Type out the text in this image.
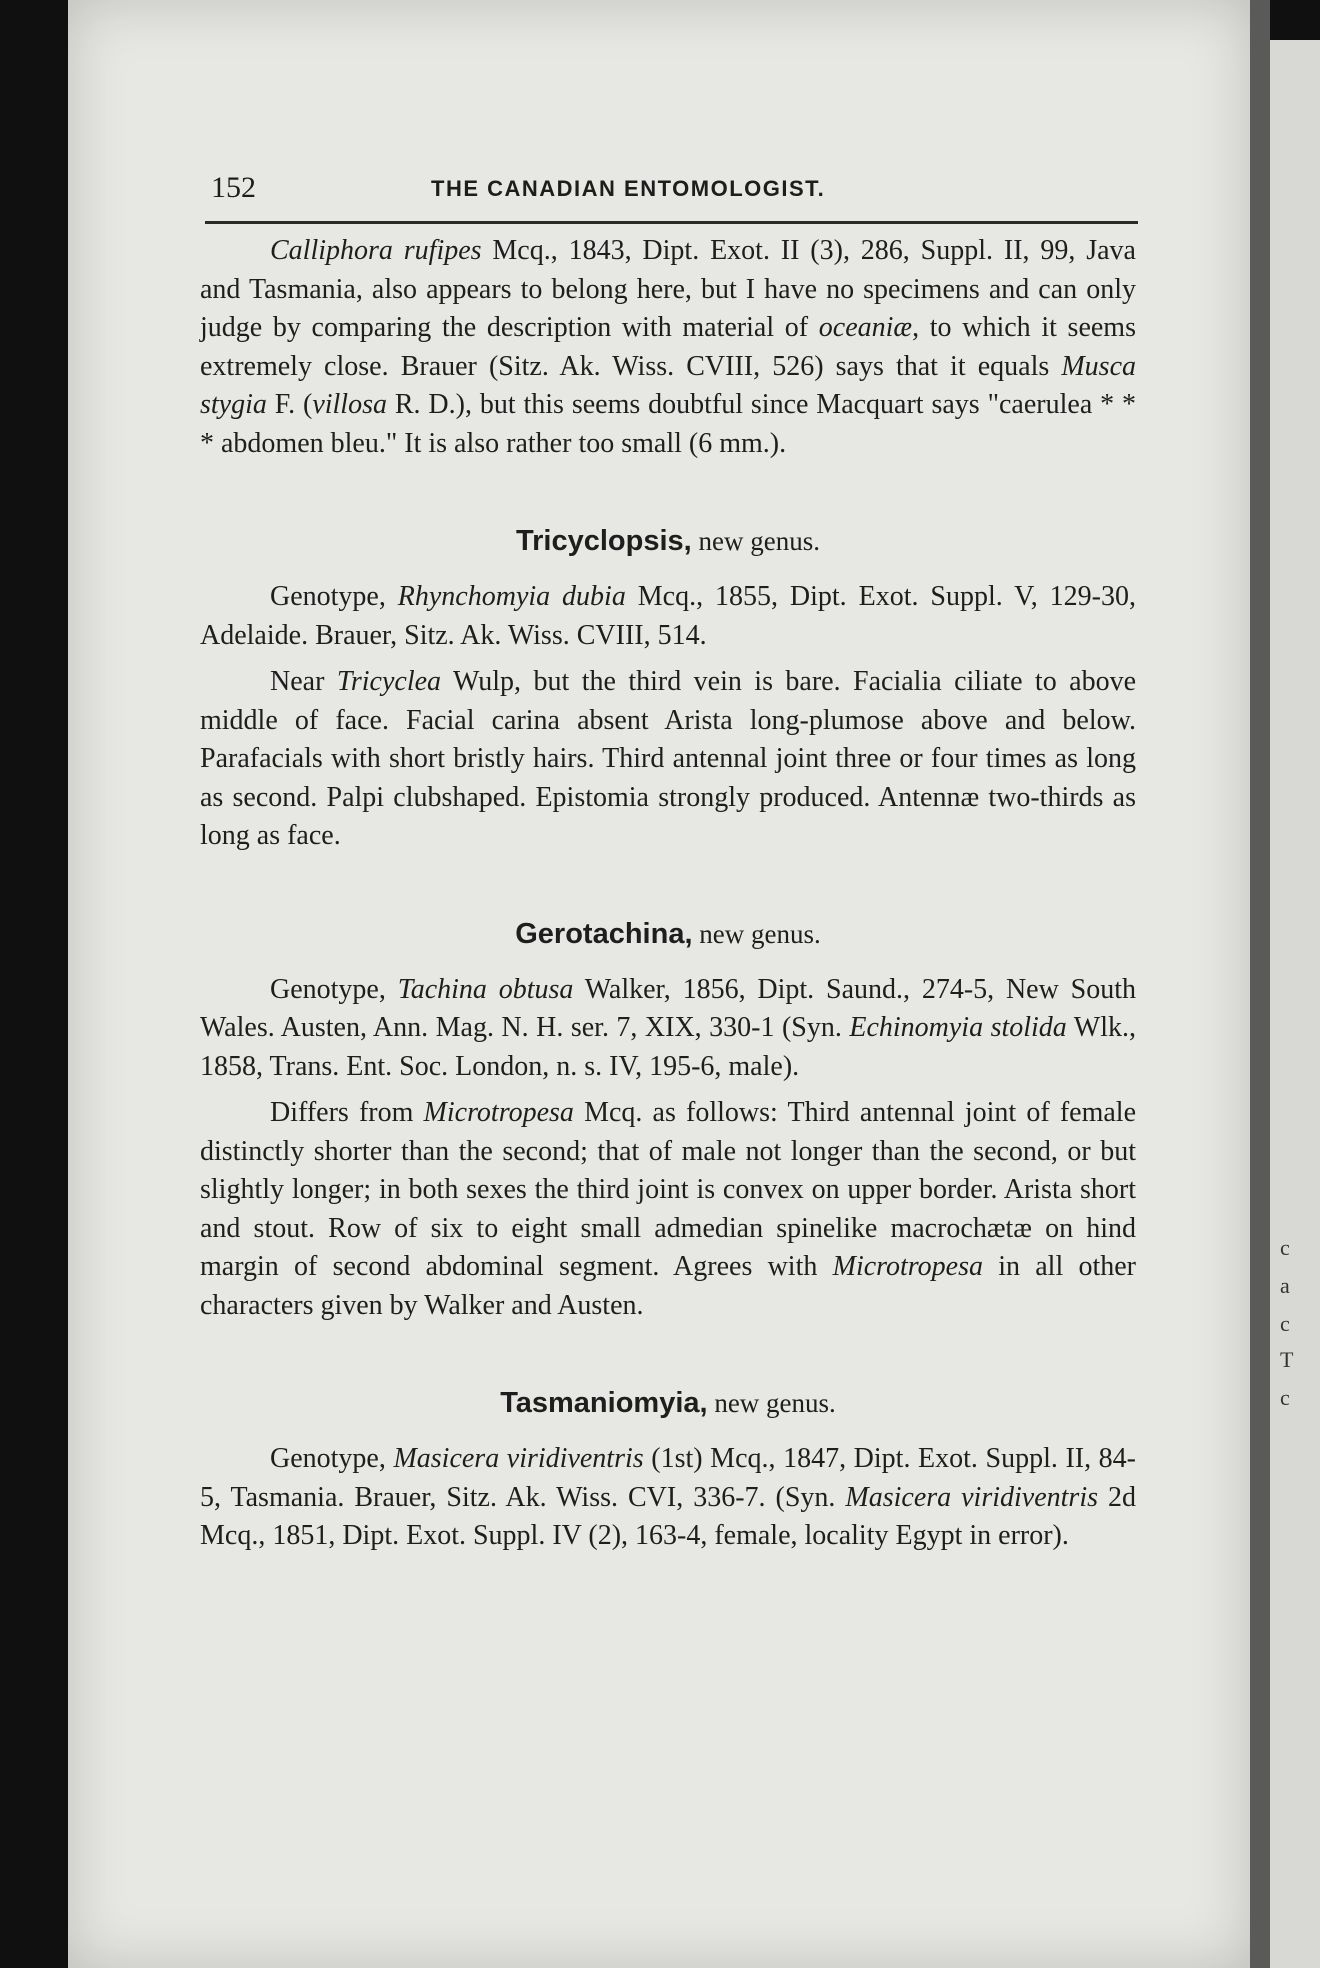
c
a
c
T
c
152	THE CANADIAN ENTOMOLOGIST.

Calliphora rufipes Mcq., 1843, Dipt. Exot. II (3), 286, Suppl. II, 99, Java and Tasmania, also appears to belong here, but I have no specimens and can only judge by comparing the description with material of oceaniæ, to which it seems extremely close. Brauer (Sitz. Ak. Wiss. CVIII, 526) says that it equals Musca stygia F. (villosa R. D.), but this seems doubtful since Macquart says "caerulea * * * abdomen bleu." It is also rather too small (6 mm.).

Tricyclopsis, new genus.

Genotype, Rhynchomyia dubia Mcq., 1855, Dipt. Exot. Suppl. V, 129-30, Adelaide. Brauer, Sitz. Ak. Wiss. CVIII, 514.

Near Tricyclea Wulp, but the third vein is bare. Facialia ciliate to above middle of face. Facial carina absent Arista long-plumose above and below. Parafacials with short bristly hairs. Third antennal joint three or four times as long as second. Palpi clubshaped. Epistomia strongly produced. Antennæ two-thirds as long as face.

Gerotachina, new genus.

Genotype, Tachina obtusa Walker, 1856, Dipt. Saund., 274-5, New South Wales. Austen, Ann. Mag. N. H. ser. 7, XIX, 330-1 (Syn. Echinomyia stolida Wlk., 1858, Trans. Ent. Soc. London, n. s. IV, 195-6, male).

Differs from Microtropesa Mcq. as follows: Third antennal joint of female distinctly shorter than the second; that of male not longer than the second, or but slightly longer; in both sexes the third joint is convex on upper border. Arista short and stout. Row of six to eight small admedian spinelike macrochætæ on hind margin of second abdominal segment. Agrees with Microtropesa in all other characters given by Walker and Austen.

Tasmaniomyia, new genus.

Genotype, Masicera viridiventris (1st) Mcq., 1847, Dipt. Exot. Suppl. II, 84-5, Tasmania. Brauer, Sitz. Ak. Wiss. CVI, 336-7. (Syn. Masicera viridiventris 2d Mcq., 1851, Dipt. Exot. Suppl. IV (2), 163-4, female, locality Egypt in error).
